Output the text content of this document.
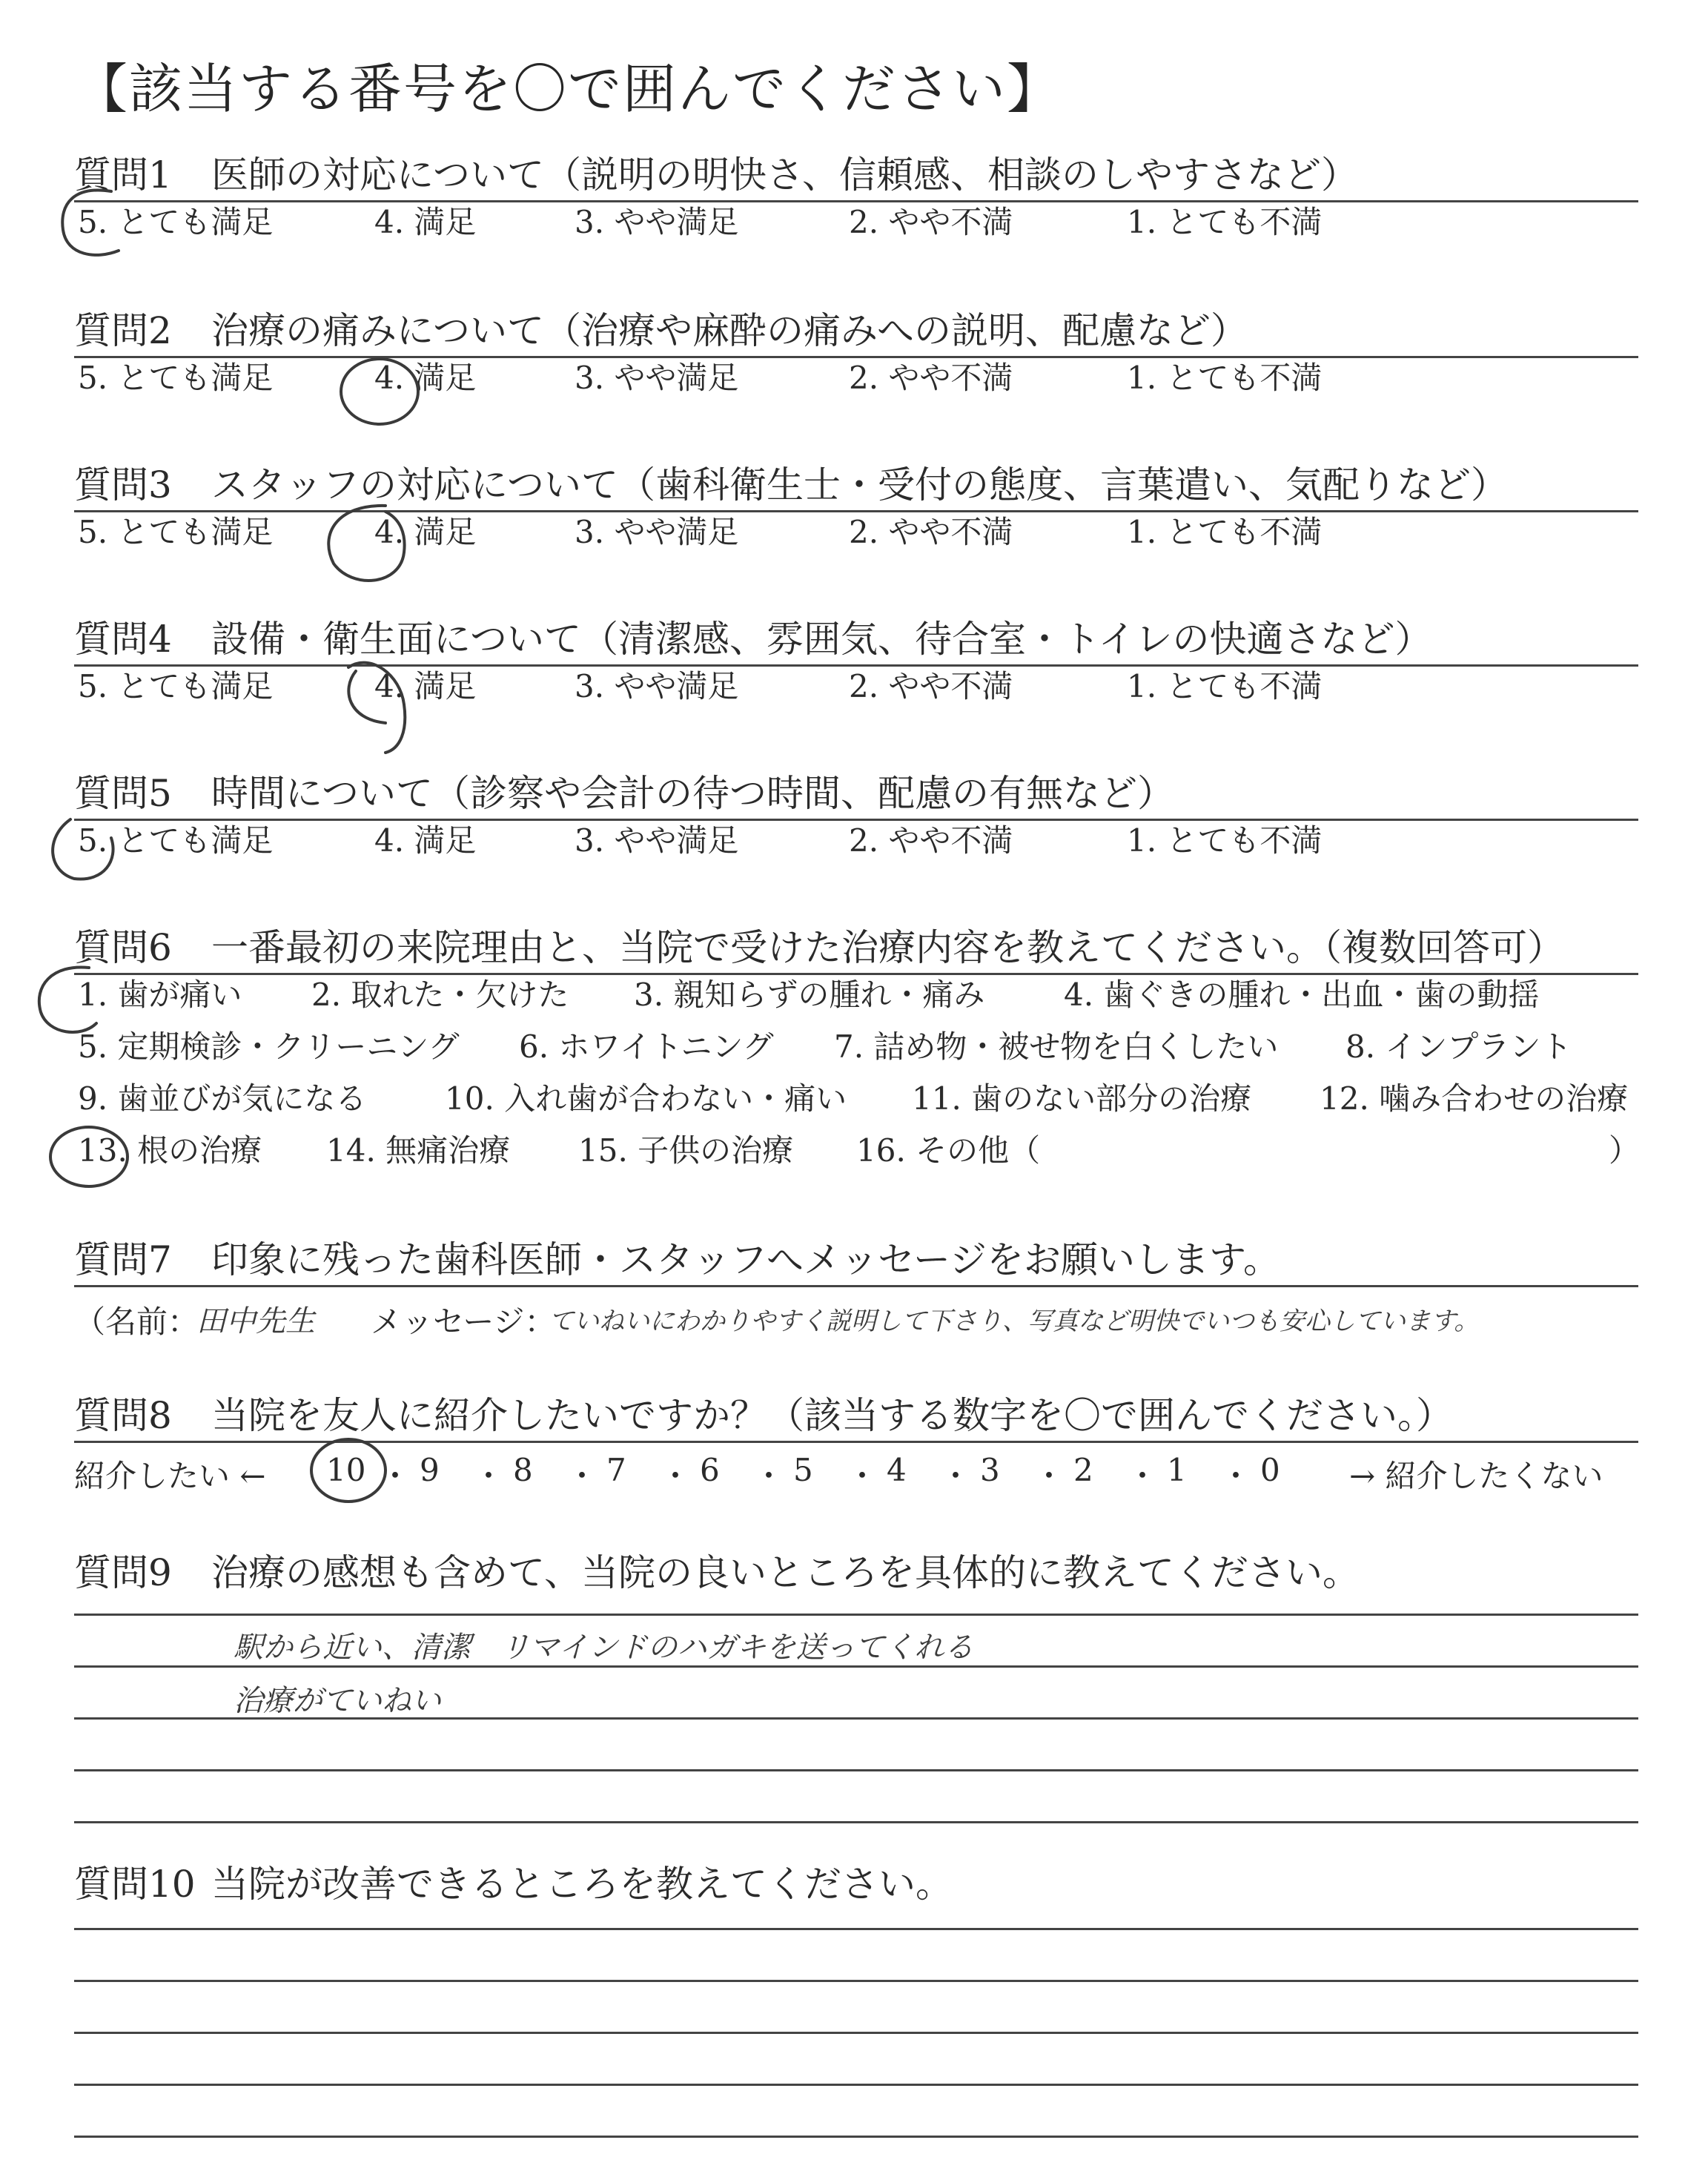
【該当する番号を〇で囲んでください】
質問1 医師の対応について（説明の明快さ、信頼感、相談のしやすさなど）
5. とても満足	4. 満足	3. やや満足	2. やや不満	1. とても不満
質問2 治療の痛みについて（治療や麻酔の痛みへの説明、配慮など）
5. とても満足	4. 満足	3. やや満足	2. やや不満	1. とても不満
質問3 スタッフの対応について（歯科衛生士・受付の態度、言葉遣い、気配りなど）
5. とても満足	4. 満足	3. やや満足	2. やや不満	1. とても不満
質問4 設備・衛生面について（清潔感、雰囲気、待合室・トイレの快適さなど）
5. とても満足	4. 満足	3. やや満足	2. やや不満	1. とても不満
質問5 時間について（診察や会計の待つ時間、配慮の有無など）
5. とても満足	4. 満足	3. やや満足	2. やや不満	1. とても不満
質問6 一番最初の来院理由と、当院で受けた治療内容を教えてください。（複数回答可）
1. 歯が痛い 2. 取れた・欠けた 3. 親知らずの腫れ・痛み	4. 歯ぐきの腫れ・出血・歯の動揺
5. 定期検診・クリーニング 6. ホワイトニング 7. 詰め物・被せ物を白くしたい 8. インプラント
9. 歯並びが気になる	10. 入れ歯が合わない・痛い 11. 歯のない部分の治療 12. 噛み合わせの治療
13. 根の治療 14. 無痛治療 15. 子供の治療 16. その他（	）
質問7 印象に残った歯科医師・スタッフへメッセージをお願いします。
（名前：
田中先生 メッセージ：
ていねいにわかりやすく説明して下さり、写真など明快でいつも安心しています。
質問8 当院を友人に紹介したいですか？（該当する数字を〇で囲んでください。）
紹介したい ←	→ 紹介したくない
10 ・ 9 ・ 8 ・ 7 ・ 6 ・ 5 ・ 4 ・ 3 ・ 2 ・ 1 ・ 0
質問9 治療の感想も含めて、当院の良いところを具体的に教えてください。
駅から近い、清潔　リマインドのハガキを送ってくれる
治療がていねい
質問10 当院が改善できるところを教えてください。
